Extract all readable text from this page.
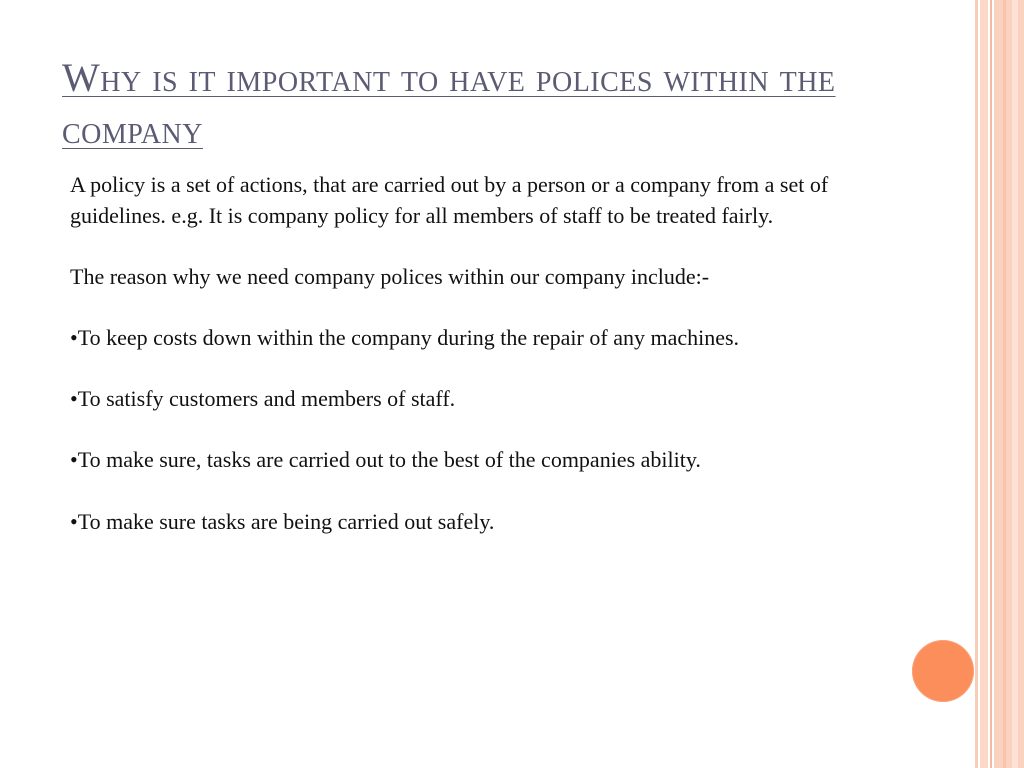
Why is it important to have polices within the company

A policy is a set of actions, that are carried out by a person or a company from a set of guidelines. e.g. It is company policy for all members of staff to be treated fairly.

The reason why we need company polices within our company include:-

•To keep costs down within the company during the repair of any machines.

•To satisfy customers and members of staff.

•To make sure, tasks are carried out to the best of the companies ability.

•To make sure tasks are being carried out safely.
